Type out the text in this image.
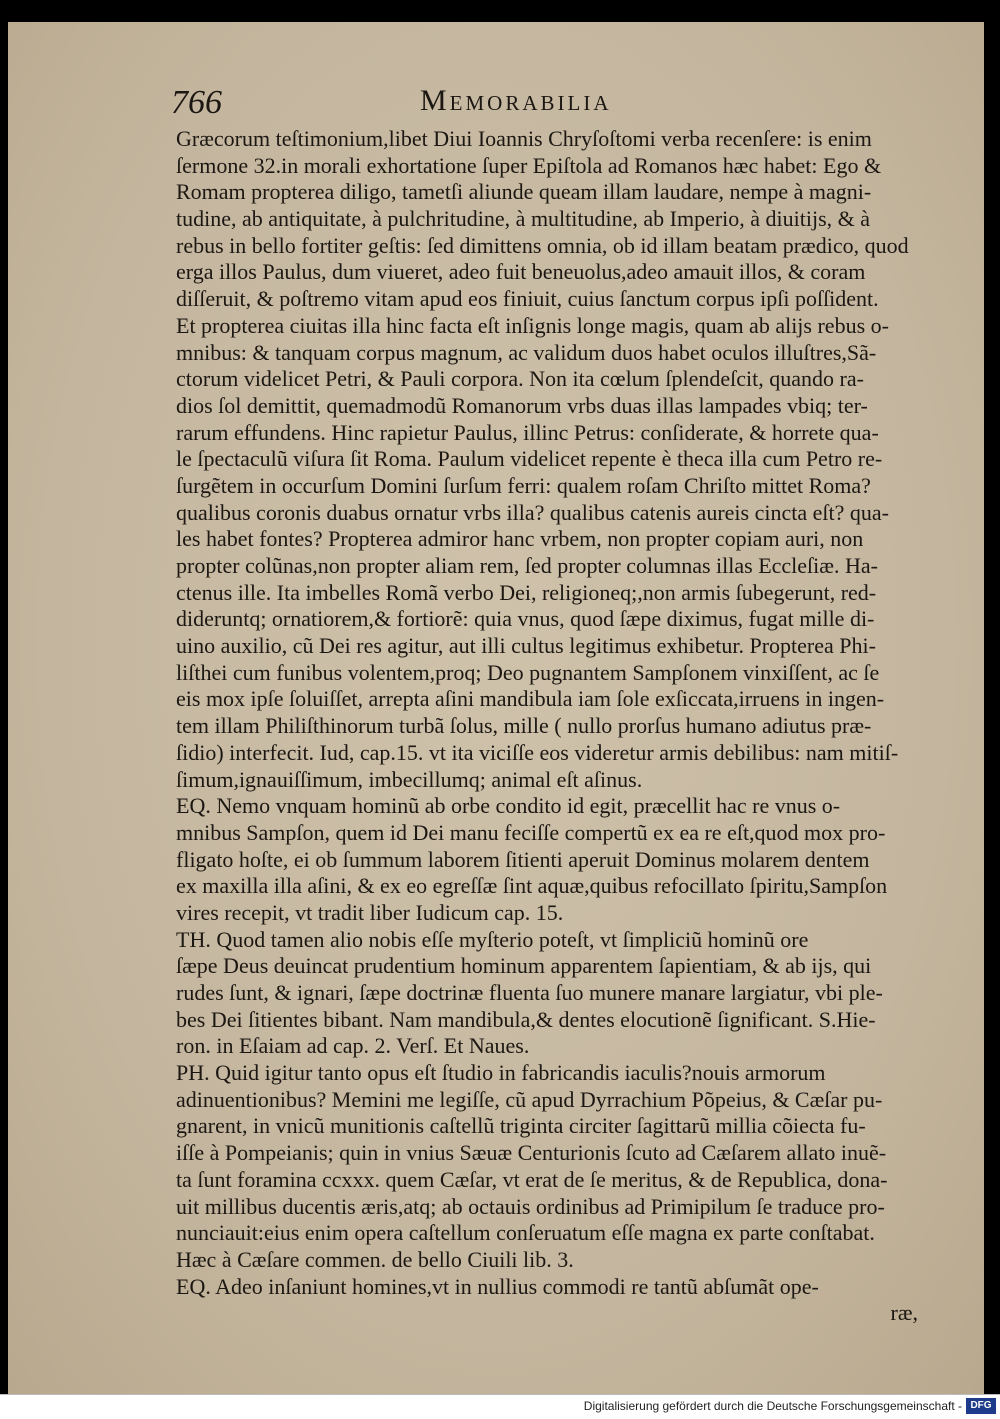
766	Memorabilia
Græcorum teſtimonium,libet Diui Ioannis Chryſoſtomi verba recenſere: is enim
ſermone 32.in morali exhortatione ſuper Epiſtola ad Romanos hæc habet: Ego &
Romam propterea diligo, tametſi aliunde queam illam laudare, nempe à magni-
tudine, ab antiquitate, à pulchritudine, à multitudine, ab Imperio, à diuitijs, & à
rebus in bello fortiter geſtis: ſed dimittens omnia, ob id illam beatam prædico, quod
erga illos Paulus, dum viueret, adeo fuit beneuolus,adeo amauit illos, & coram
diſſeruit, & poſtremo vitam apud eos finiuit, cuius ſanctum corpus ipſi poſſident.
Et propterea ciuitas illa hinc facta eſt inſignis longe magis, quam ab alijs rebus o-
mnibus: & tanquam corpus magnum, ac validum duos habet oculos illuſtres,Sã-
ctorum videlicet Petri, & Pauli corpora. Non ita cœlum ſplendeſcit, quando ra-
dios ſol demittit, quemadmodũ Romanorum vrbs duas illas lampades vbiq; ter-
rarum effundens. Hinc rapietur Paulus, illinc Petrus: conſiderate, & horrete qua-
le ſpectaculũ viſura ſit Roma. Paulum videlicet repente è theca illa cum Petro re-
ſurgẽtem in occurſum Domini ſurſum ferri: qualem roſam Chriſto mittet Roma?
qualibus coronis duabus ornatur vrbs illa? qualibus catenis aureis cincta eſt? qua-
les habet fontes? Propterea admiror hanc vrbem, non propter copiam auri, non
propter colũnas,non propter aliam rem, ſed propter columnas illas Eccleſiæ. Ha-
ctenus ille. Ita imbelles Romã verbo Dei, religioneq;,non armis ſubegerunt, red-
dideruntq; ornatiorem,& fortiorẽ: quia vnus, quod ſæpe diximus, fugat mille di-
uino auxilio, cũ Dei res agitur, aut illi cultus legitimus exhibetur. Propterea Phi-
liſthei cum funibus volentem,proq; Deo pugnantem Sampſonem vinxiſſent, ac ſe
eis mox ipſe ſoluiſſet, arrepta aſini mandibula iam ſole exſiccata,irruens in ingen-
tem illam Philiſthinorum turbã ſolus, mille ( nullo prorſus humano adiutus præ-
ſidio) interfecit. Iud, cap.15. vt ita viciſſe eos videretur armis debilibus: nam mitiſ-
ſimum,ignauiſſimum, imbecillumq; animal eſt aſinus.
EQ. Nemo vnquam hominũ ab orbe condito id egit, præcellit hac re vnus o-
mnibus Sampſon, quem id Dei manu feciſſe compertũ ex ea re eſt,quod mox pro-
fligato hoſte, ei ob ſummum laborem ſitienti aperuit Dominus molarem dentem
ex maxilla illa aſini, & ex eo egreſſæ ſint aquæ,quibus refocillato ſpiritu,Sampſon
vires recepit, vt tradit liber Iudicum cap. 15.
TH. Quod tamen alio nobis eſſe myſterio poteſt, vt ſimpliciũ hominũ ore
ſæpe Deus deuincat prudentium hominum apparentem ſapientiam, & ab ijs, qui
rudes ſunt, & ignari, ſæpe doctrinæ fluenta ſuo munere manare largiatur, vbi ple-
bes Dei ſitientes bibant. Nam mandibula,& dentes elocutionẽ ſignificant. S.Hie-
ron. in Eſaiam ad cap. 2. Verſ. Et Naues.
PH. Quid igitur tanto opus eſt ſtudio in fabricandis iaculis?nouis armorum
adinuentionibus? Memini me legiſſe, cũ apud Dyrrachium Põpeius, & Cæſar pu-
gnarent, in vnicũ munitionis caſtellũ triginta circiter ſagittarũ millia cõiecta fu-
iſſe à Pompeianis; quin in vnius Sæuæ Centurionis ſcuto ad Cæſarem allato inuẽ-
ta ſunt foramina ccxxx. quem Cæſar, vt erat de ſe meritus, & de Republica, dona-
uit millibus ducentis æris,atq; ab octauis ordinibus ad Primipilum ſe traduce pro-
nunciauit:eius enim opera caſtellum conſeruatum eſſe magna ex parte conſtabat.
Hæc à Cæſare commen. de bello Ciuili lib. 3.
EQ. Adeo inſaniunt homines,vt in nullius commodi re tantũ abſumãt ope-
ræ,
Digitalisierung gefördert durch die Deutsche Forschungsgemeinschaft - DFG
